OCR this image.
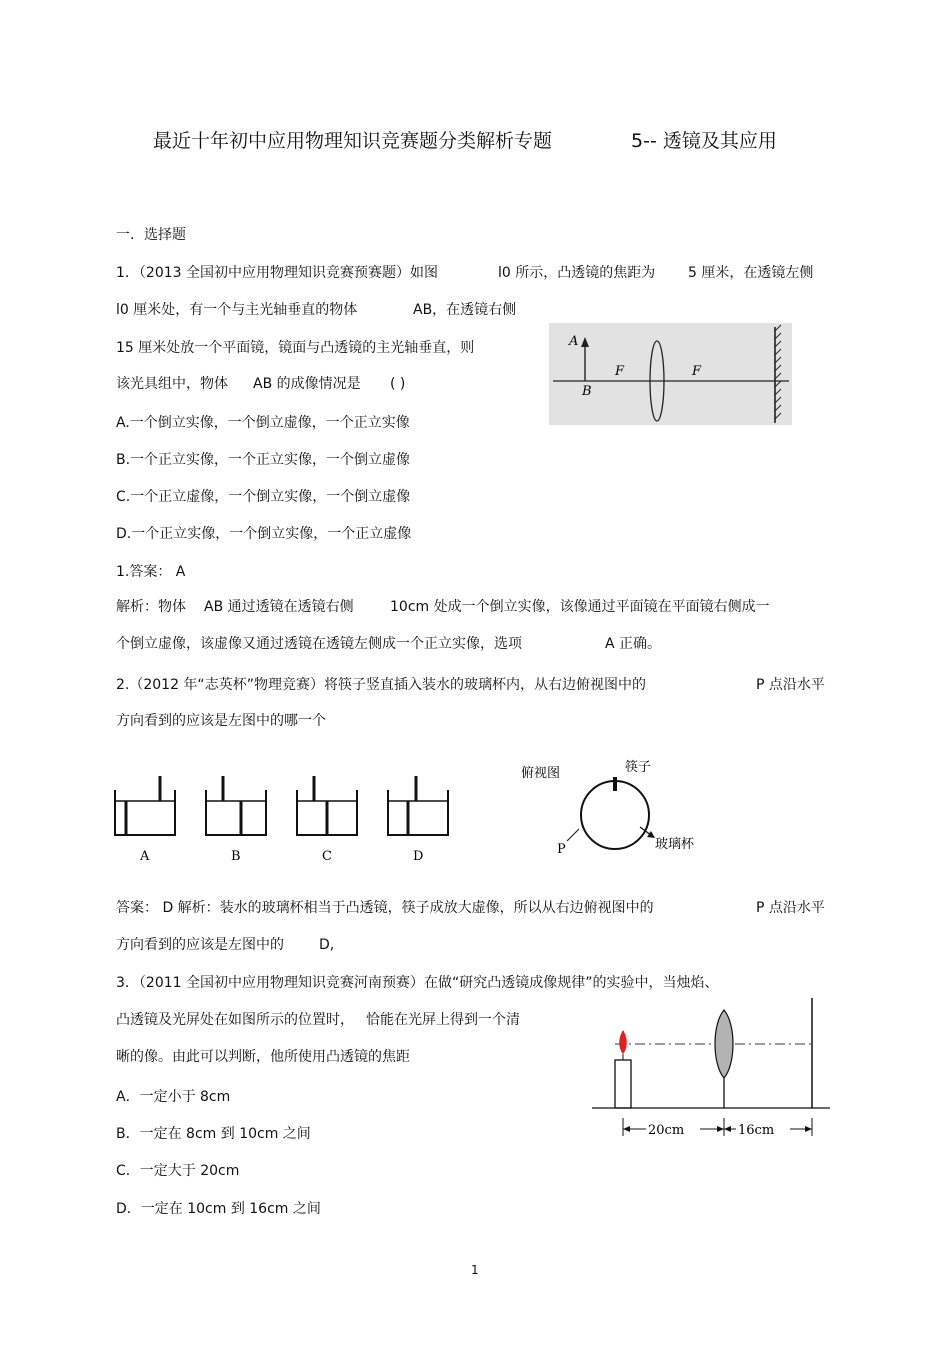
最近十年初中应用物理知识竞赛题分类解析专题	5-- 透镜及其应用
一．选择题
1．（2013 全国初中应用物理知识竞赛预赛题）如图	l0 所示，凸透镜的焦距为 5 厘米，在透镜左侧
l0 厘米处，有一个与主光轴垂直的物体	AB，在透镜右侧
15 厘米处放一个平面镜，镜面与凸透镜的主光轴垂直，则
该光具组中，物体 AB 的成像情况是 ( )
A.一个倒立实像，一个倒立虚像，一个正立实像
B.一个正立实像，一个正立实像，一个倒立虚像
C.一个正立虚像，一个倒立实像，一个倒立虚像
D.一个正立实像，一个倒立实像，一个正立虚像
1.答案： A
解析：物体 AB 通过透镜在透镜右侧	10cm 处成一个倒立实像，该像通过平面镜在平面镜右侧成一
个倒立虚像，该虚像又通过透镜在透镜左侧成一个正立实像，选项	A 正确。
A
B
F	F
2.（2012 年“志英杯”物理竞赛）将筷子竖直插入装水的玻璃杯内，从右边俯视图中的	P 点沿水平
方向看到的应该是左图中的哪一个
A	B	C	D
俯视图	筷子
P	玻璃杯
答案： D 解析：装水的玻璃杯相当于凸透镜，筷子成放大虚像，所以从右边俯视图中的	P 点沿水平
方向看到的应该是左图中的	D,
3．（2011 全国初中应用物理知识竞赛河南预赛）在做“研究凸透镜成像规律”的实验中，当烛焰、
凸透镜及光屏处在如图所示的位置时， 恰能在光屏上得到一个清
晰的像。由此可以判断，他所使用凸透镜的焦距
A．一定小于 8cm
B．一定在 8cm 到 10cm 之间
C．一定大于 20cm
D．一定在 10cm 到 16cm 之间
20cm	16cm
1
